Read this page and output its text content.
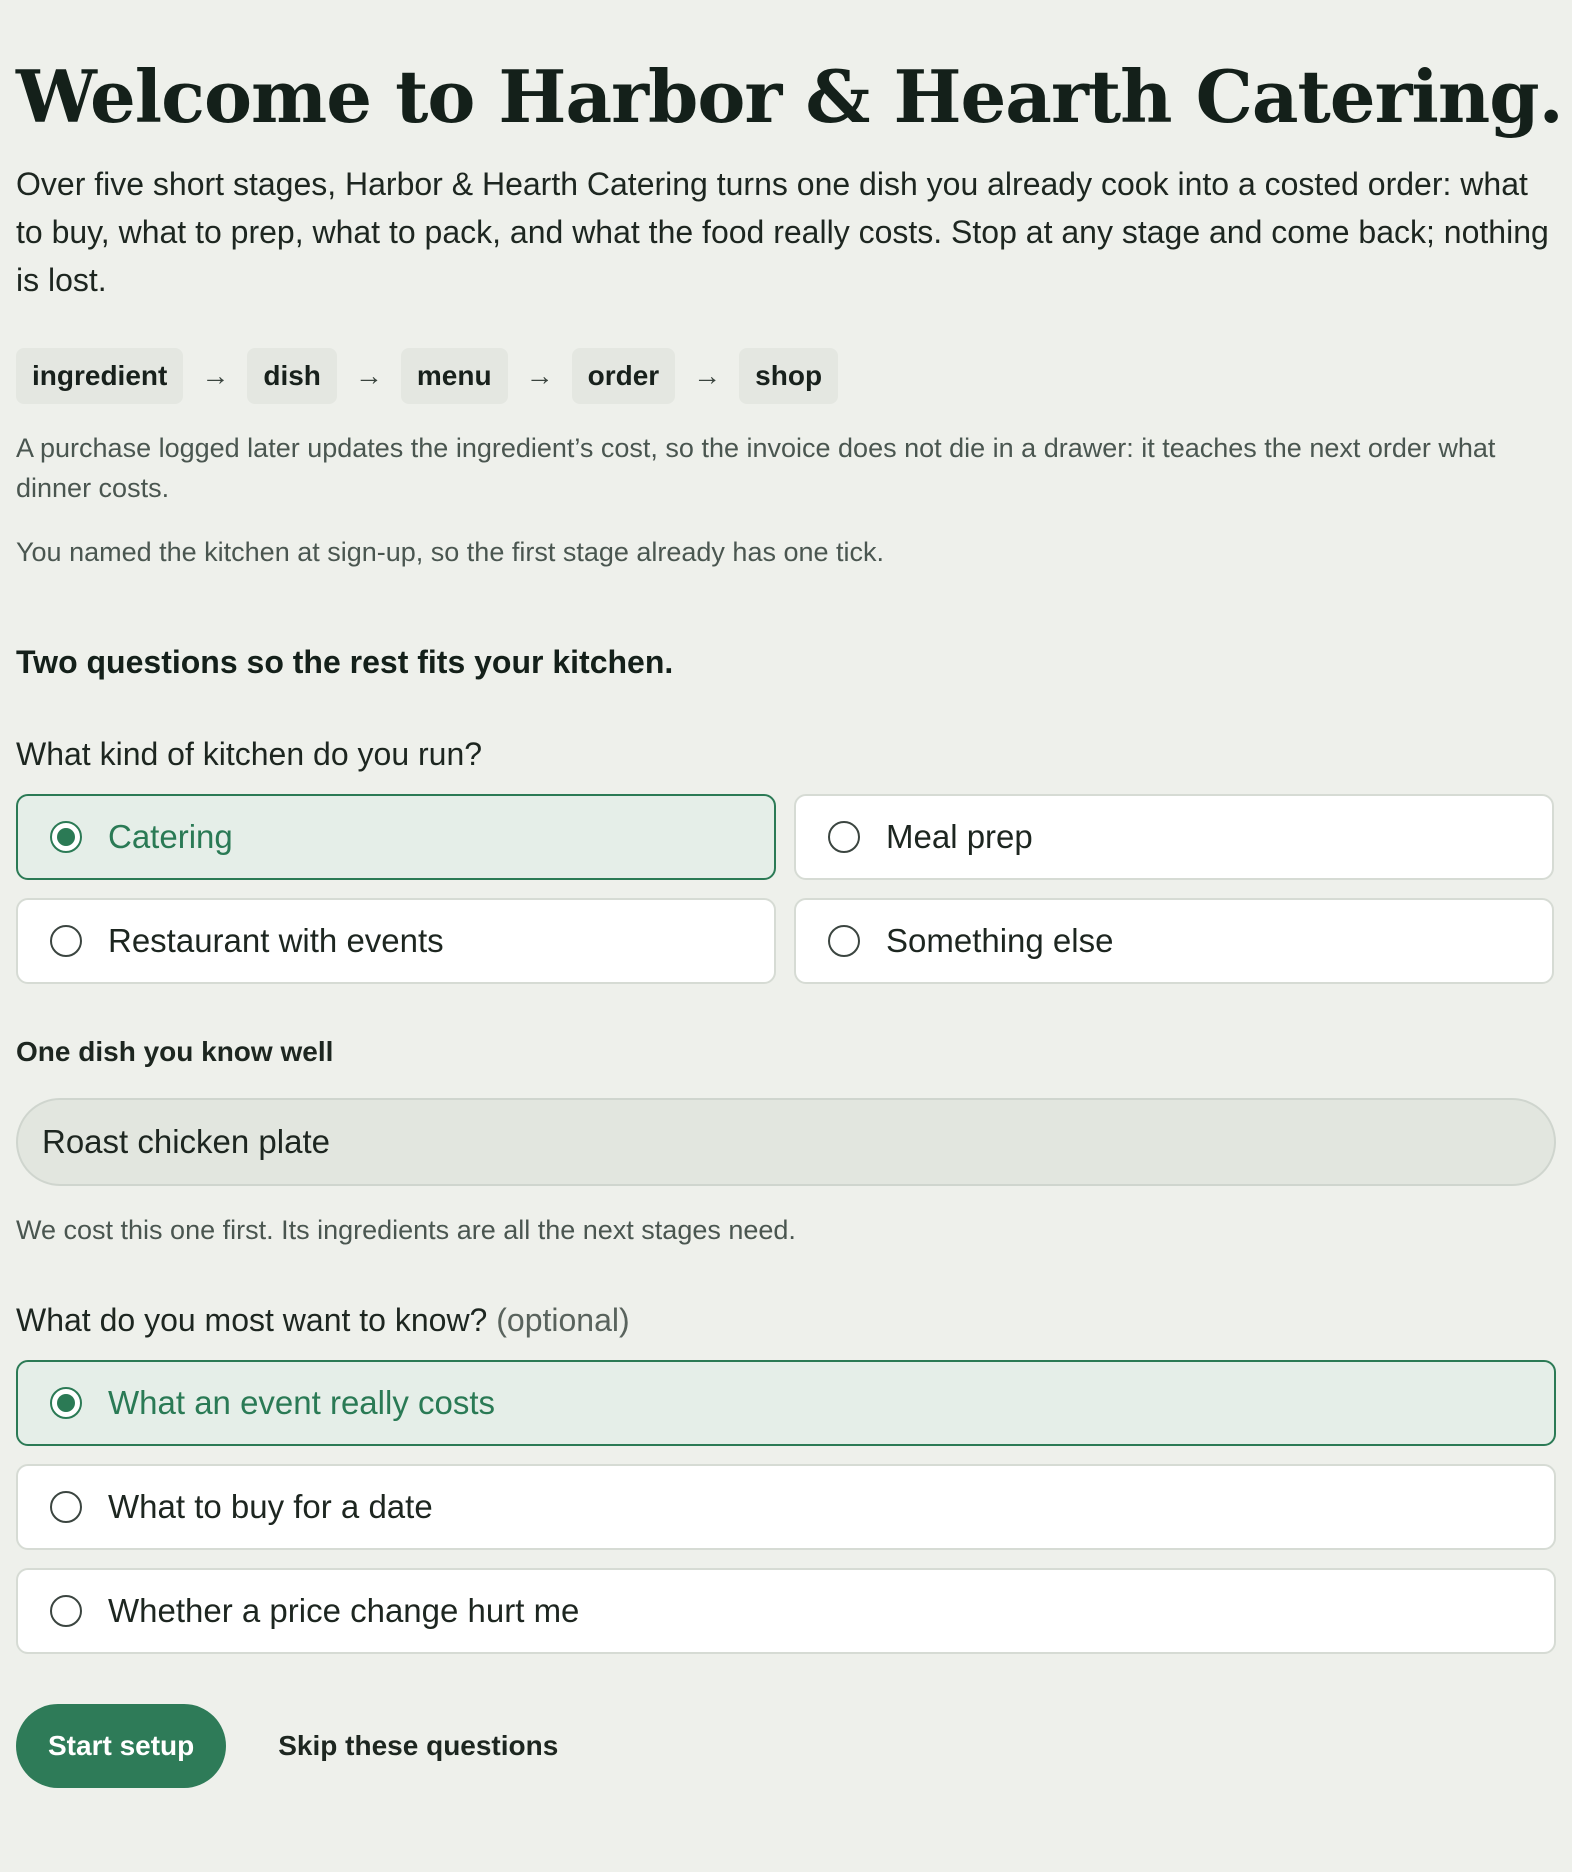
Welcome to Harbor & Hearth Catering.

Over five short stages, Harbor & Hearth Catering turns one dish you already cook into a costed order: what to buy, what to prep, what to pack, and what the food really costs. Stop at any stage and come back; nothing is lost.

ingredient	→	dish	→	menu	→	order	→	shop

A purchase logged later updates the ingredient’s cost, so the invoice does not die in a drawer: it teaches the next order what dinner costs.

You named the kitchen at sign-up, so the first stage already has one tick.

Two questions so the rest fits your kitchen.
What kind of kitchen do you run?
Catering	Meal prep
Restaurant with events	Something else
One dish you know well
Roast chicken plate

We cost this one first. Its ingredients are all the next stages need.

What do you most want to know? (optional)
What an event really costs
What to buy for a date
Whether a price change hurt me
Start setup	Skip these questions
